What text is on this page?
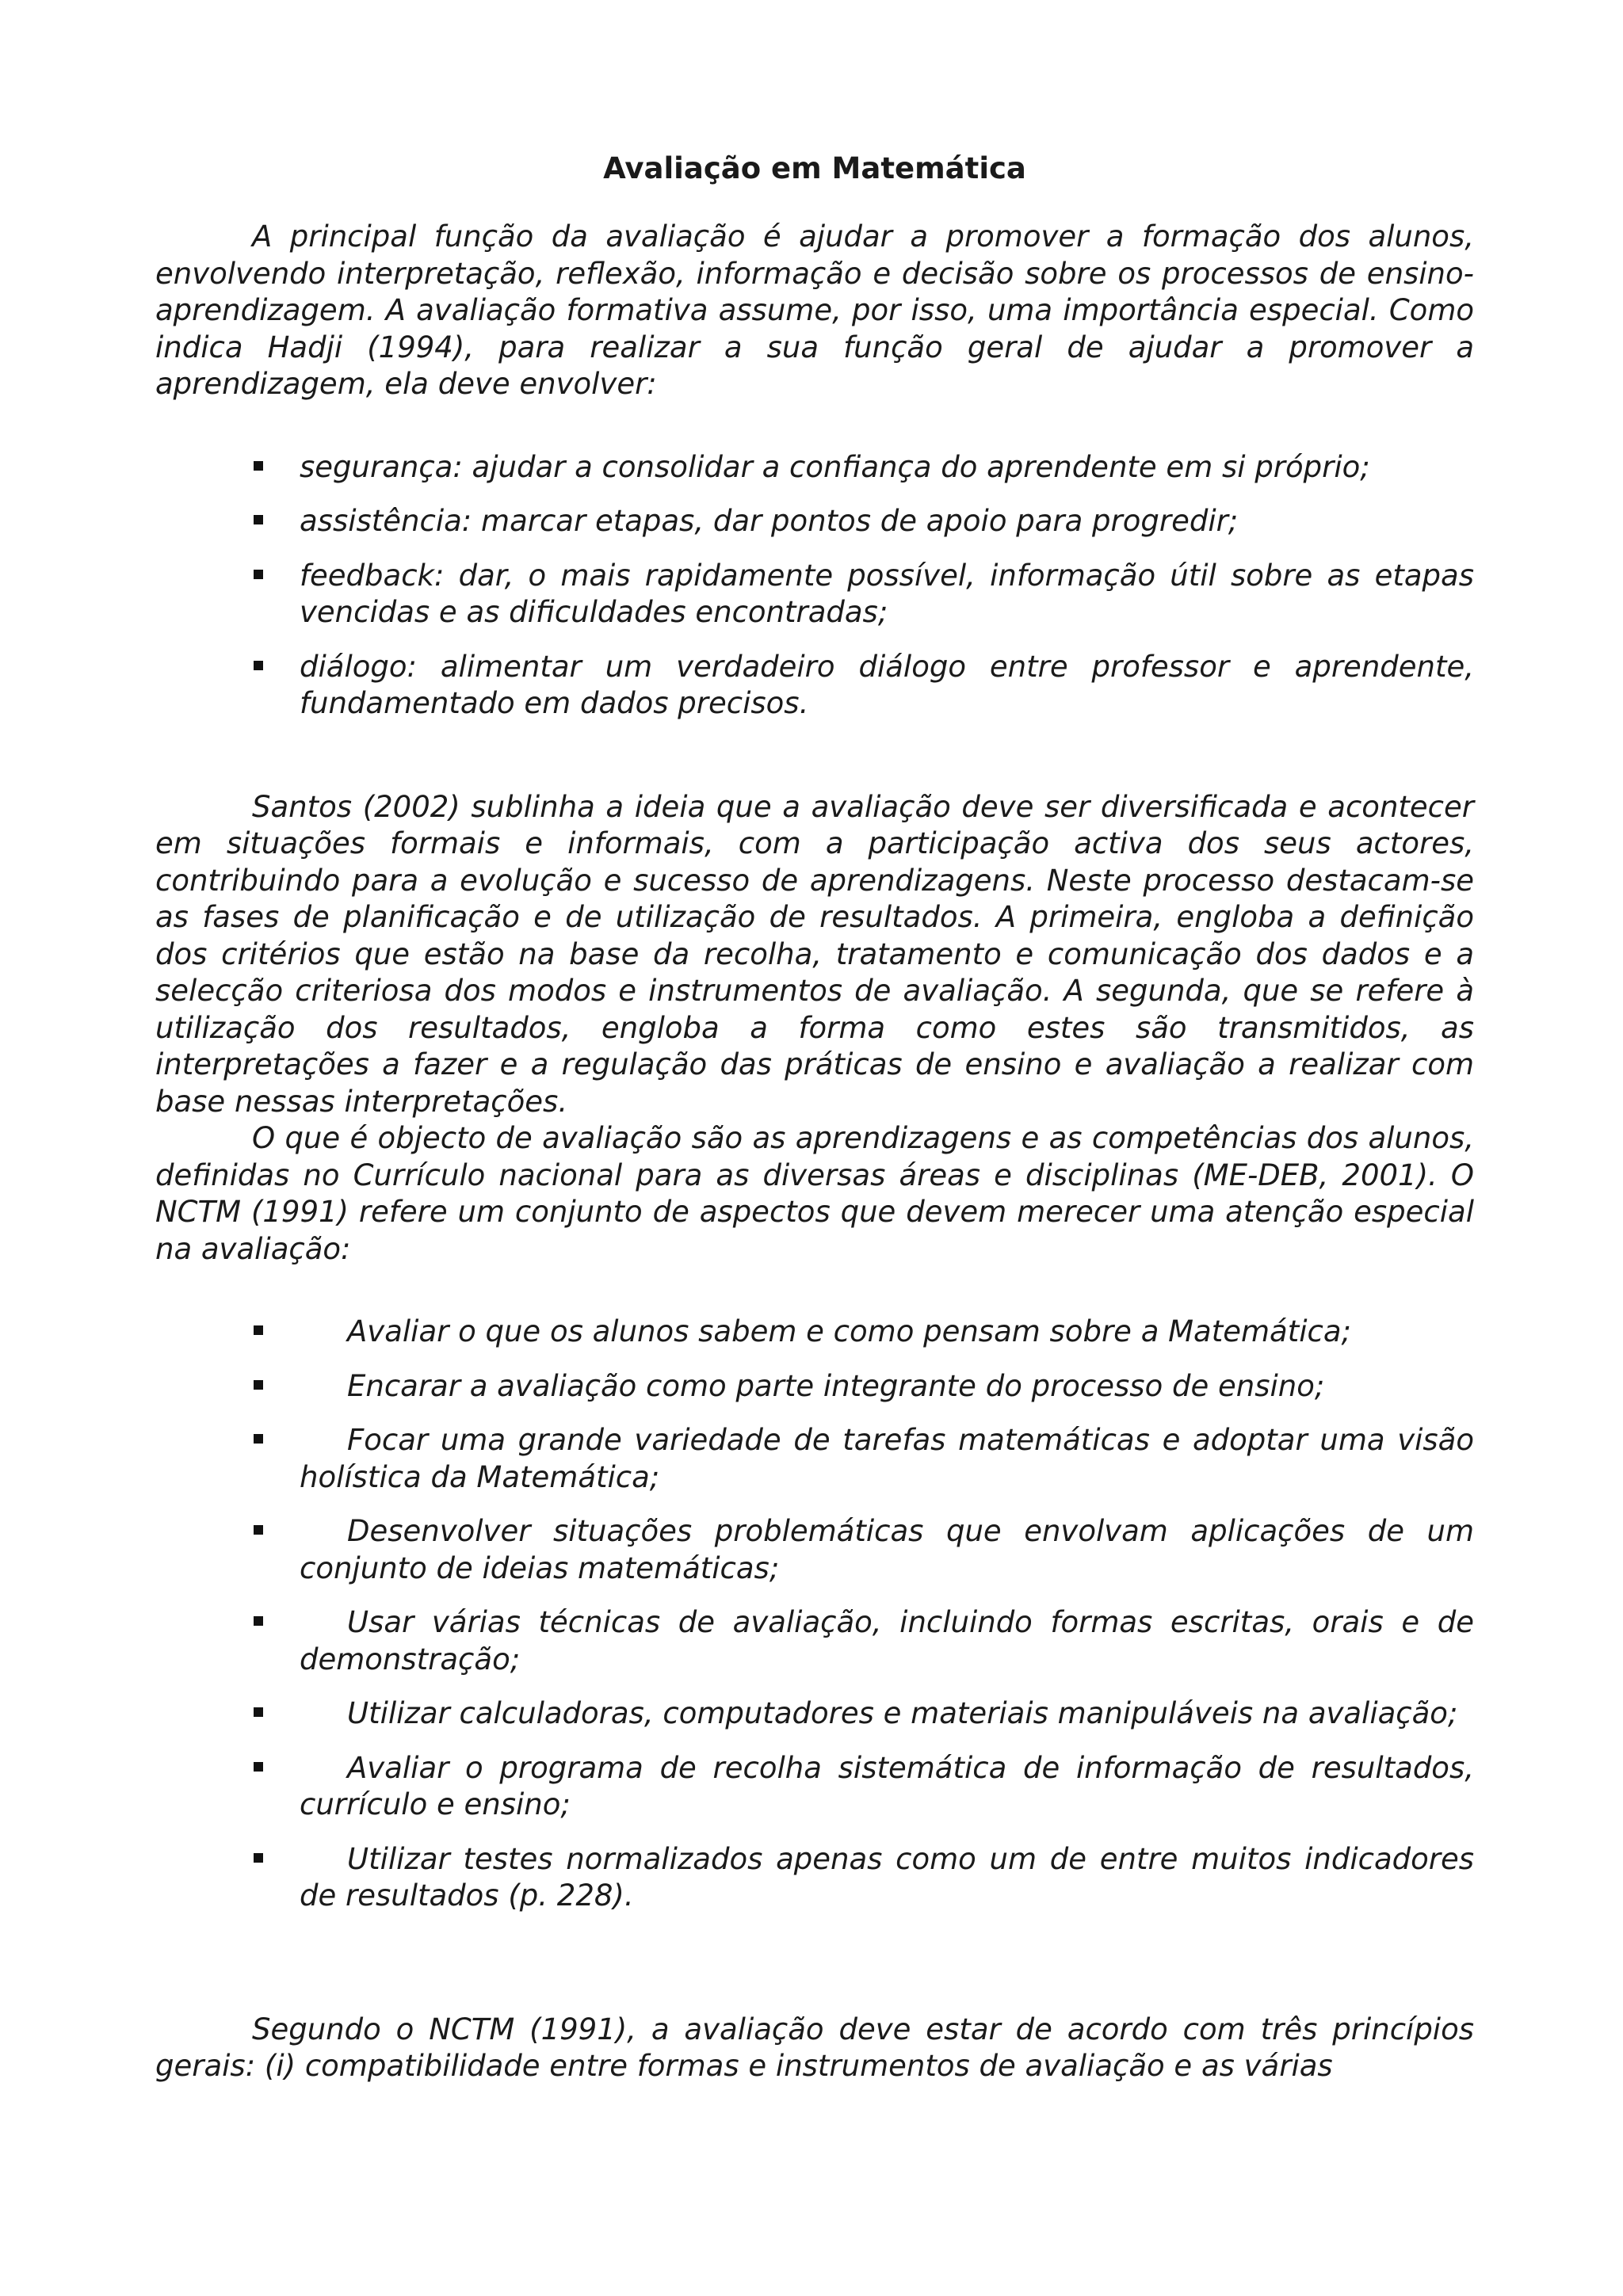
Avaliação em Matemática

A principal função da avaliação é ajudar a promover a formação dos alunos, envolvendo interpretação, reflexão, informação e decisão sobre os processos de ensino-aprendizagem. A avaliação formativa assume, por isso, uma importância especial. Como indica Hadji (1994), para realizar a sua função geral de ajudar a promover a aprendizagem, ela deve envolver:

segurança: ajudar a consolidar a confiança do aprendente em si próprio;
assistência: marcar etapas, dar pontos de apoio para progredir;
feedback: dar, o mais rapidamente possível, informação útil sobre as etapas vencidas e as dificuldades encontradas;
diálogo: alimentar um verdadeiro diálogo entre professor e aprendente, fundamentado em dados precisos.

Santos (2002) sublinha a ideia que a avaliação deve ser diversificada e acontecer em situações formais e informais, com a participação activa dos seus actores, contribuindo para a evolução e sucesso de aprendizagens. Neste processo destacam-se as fases de planificação e de utilização de resultados. A primeira, engloba a definição dos critérios que estão na base da recolha, tratamento e comunicação dos dados e a selecção criteriosa dos modos e instrumentos de avaliação. A segunda, que se refere à utilização dos resultados, engloba a forma como estes são transmitidos, as interpretações a fazer e a regulação das práticas de ensino e avaliação a realizar com base nessas interpretações.

O que é objecto de avaliação são as aprendizagens e as competências dos alunos, definidas no Currículo nacional para as diversas áreas e disciplinas (ME-DEB, 2001). O NCTM (1991) refere um conjunto de aspectos que devem merecer uma atenção especial na avaliação:

Avaliar o que os alunos sabem e como pensam sobre a Matemática;
Encarar a avaliação como parte integrante do processo de ensino;
Focar uma grande variedade de tarefas matemáticas e adoptar uma visão holística da Matemática;
Desenvolver situações problemáticas que envolvam aplicações de um conjunto de ideias matemáticas;
Usar várias técnicas de avaliação, incluindo formas escritas, orais e de demonstração;
Utilizar calculadoras, computadores e materiais manipuláveis na avaliação;
Avaliar o programa de recolha sistemática de informação de resultados, currículo e ensino;
Utilizar testes normalizados apenas como um de entre muitos indicadores de resultados (p. 228).

Segundo o NCTM (1991), a avaliação deve estar de acordo com três princípios gerais: (i) compatibilidade entre formas e instrumentos de avaliação e as várias
